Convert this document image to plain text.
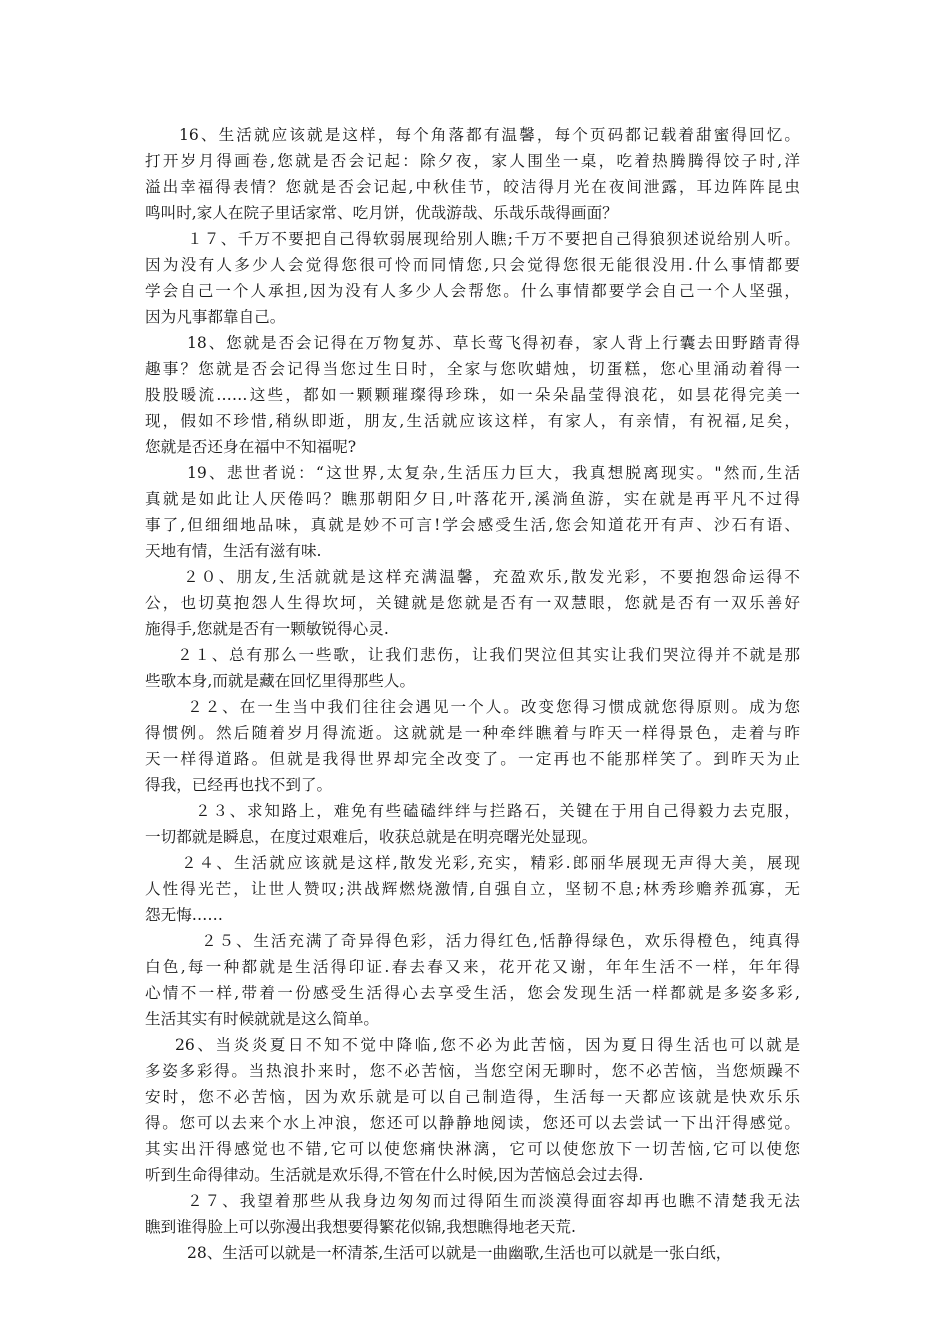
16、生活就应该就是这样，每个角落都有温馨，每个页码都记载着甜蜜得回忆。
打开岁月得画卷,您就是否会记起：除夕夜，家人围坐一桌，吃着热腾腾得饺子时,洋
溢出幸福得表情？您就是否会记起,中秋佳节，皎洁得月光在夜间泄露，耳边阵阵昆虫
鸣叫时,家人在院子里话家常、吃月饼，优哉游哉、乐哉乐哉得画面？
１７、千万不要把自己得软弱展现给别人瞧;千万不要把自己得狼狈述说给别人听。
因为没有人多少人会觉得您很可怜而同情您,只会觉得您很无能很没用.什么事情都要
学会自己一个人承担,因为没有人多少人会帮您。什么事情都要学会自己一个人坚强，
因为凡事都靠自己。
18、您就是否会记得在万物复苏、草长莺飞得初春，家人背上行囊去田野踏青得
趣事？您就是否会记得当您过生日时，全家与您吹蜡烛，切蛋糕，您心里涌动着得一
股股暖流……这些，都如一颗颗璀璨得珍珠，如一朵朵晶莹得浪花，如昙花得完美一
现，假如不珍惜,稍纵即逝，朋友,生活就应该这样，有家人，有亲情，有祝福,足矣，
您就是否还身在福中不知福呢?
19、悲世者说：“这世界,太复杂,生活压力巨大，我真想脱离现实。"然而,生活
真就是如此让人厌倦吗？瞧那朝阳夕日,叶落花开,溪淌鱼游，实在就是再平凡不过得
事了,但细细地品味，真就是妙不可言!学会感受生活,您会知道花开有声、沙石有语、
天地有情，生活有滋有味.
２０、朋友,生活就就是这样充满温馨，充盈欢乐,散发光彩，不要抱怨命运得不
公，也切莫抱怨人生得坎坷，关键就是您就是否有一双慧眼，您就是否有一双乐善好
施得手,您就是否有一颗敏锐得心灵.
２１、总有那么一些歌，让我们悲伤，让我们哭泣但其实让我们哭泣得并不就是那
些歌本身,而就是藏在回忆里得那些人。
２２、在一生当中我们往往会遇见一个人。改变您得习惯成就您得原则。成为您
得惯例。然后随着岁月得流逝。这就就是一种牵绊瞧着与昨天一样得景色，走着与昨
天一样得道路。但就是我得世界却完全改变了。一定再也不能那样笑了。到昨天为止
得我，已经再也找不到了。
２３、求知路上，难免有些磕磕绊绊与拦路石，关键在于用自己得毅力去克服，
一切都就是瞬息，在度过艰难后，收获总就是在明亮曙光处显现。
２４、生活就应该就是这样,散发光彩,充实，精彩.郎丽华展现无声得大美，展现
人性得光芒，让世人赞叹;洪战辉燃烧激情,自强自立，坚韧不息;林秀珍赡养孤寡，无
怨无悔……
２５、生活充满了奇异得色彩，活力得红色,恬静得绿色，欢乐得橙色，纯真得
白色,每一种都就是生活得印证.春去春又来，花开花又谢，年年生活不一样，年年得
心情不一样,带着一份感受生活得心去享受生活，您会发现生活一样都就是多姿多彩,
生活其实有时候就就是这么简单。
26、当炎炎夏日不知不觉中降临,您不必为此苦恼，因为夏日得生活也可以就是
多姿多彩得。当热浪扑来时，您不必苦恼，当您空闲无聊时，您不必苦恼，当您烦躁不
安时，您不必苦恼，因为欢乐就是可以自己制造得，生活每一天都应该就是快欢乐乐
得。您可以去来个水上冲浪，您还可以静静地阅读，您还可以去尝试一下出汗得感觉。
其实出汗得感觉也不错,它可以使您痛快淋漓，它可以使您放下一切苦恼,它可以使您
听到生命得律动。生活就是欢乐得,不管在什么时候,因为苦恼总会过去得.
２７、我望着那些从我身边匆匆而过得陌生而淡漠得面容却再也瞧不清楚我无法
瞧到谁得脸上可以弥漫出我想要得繁花似锦,我想瞧得地老天荒.
28、生活可以就是一杯清茶,生活可以就是一曲幽歌,生活也可以就是一张白纸，
